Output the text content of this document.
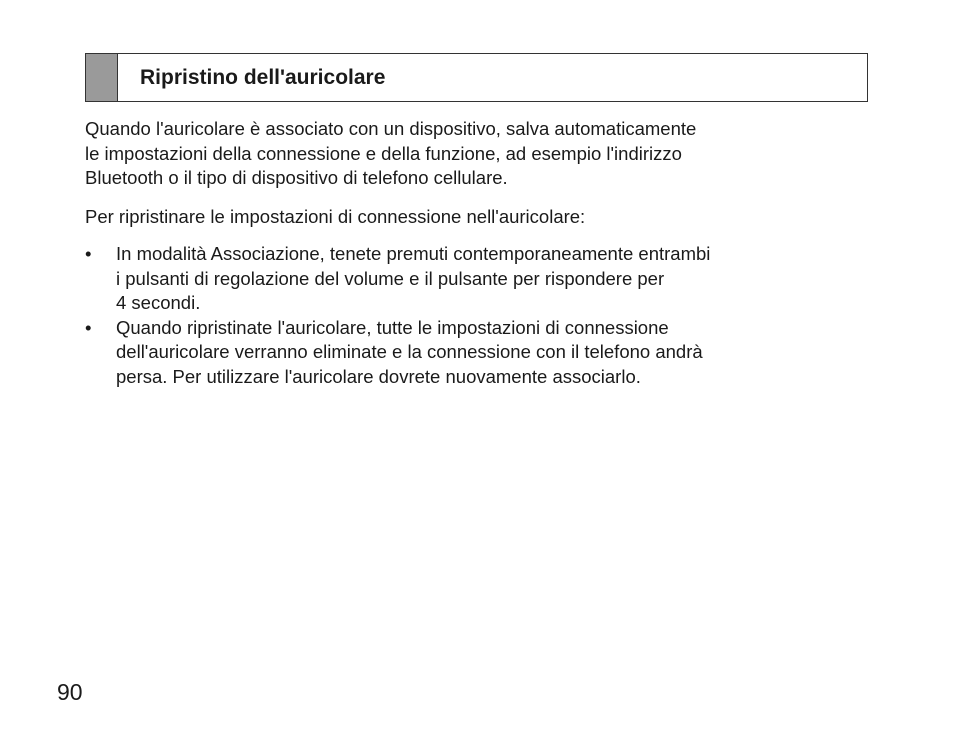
Ripristino dell'auricolare

Quando l'auricolare è associato con un dispositivo, salva automaticamente
le impostazioni della connessione e della funzione, ad esempio l'indirizzo
Bluetooth o il tipo di dispositivo di telefono cellulare.

Per ripristinare le impostazioni di connessione nell'auricolare:

• In modalità Associazione, tenete premuti contemporaneamente entrambi
i pulsanti di regolazione del volume e il pulsante per rispondere per
4 secondi.
• Quando ripristinate l'auricolare, tutte le impostazioni di connessione
dell'auricolare verranno eliminate e la connessione con il telefono andrà
persa. Per utilizzare l'auricolare dovrete nuovamente associarlo.
90
